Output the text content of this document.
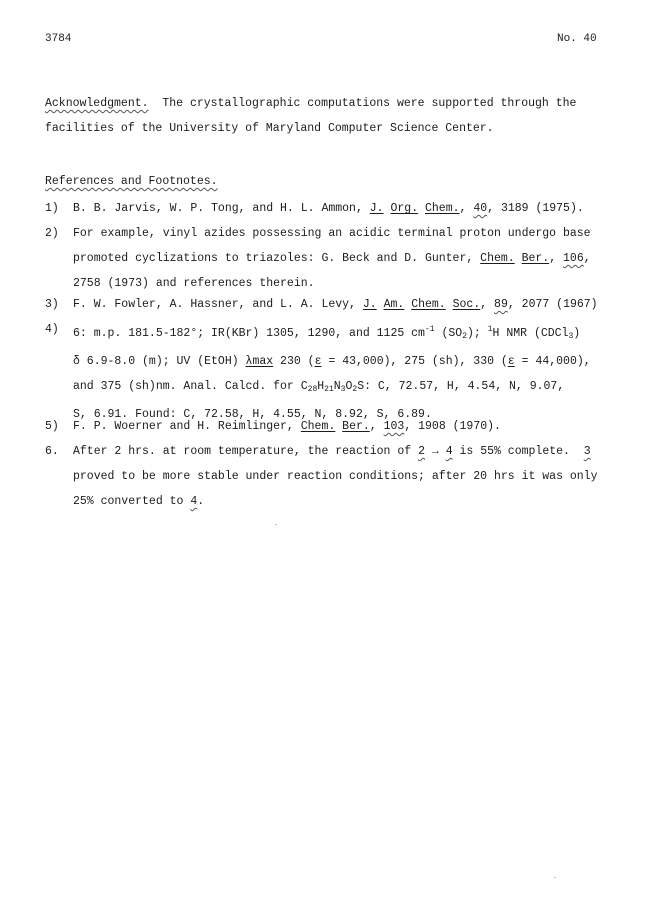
3784	No. 40
Acknowledgment. The crystallographic computations were supported through the
facilities of the University of Maryland Computer Science Center.
References and Footnotes.
1) B. B. Jarvis, W. P. Tong, and H. L. Ammon, J. Org. Chem., 40, 3189 (1975).
2) For example, vinyl azides possessing an acidic terminal proton undergo base
promoted cyclizations to triazoles: G. Beck and D. Gunter, Chem. Ber., 106,
2758 (1973) and references therein.
3) F. W. Fowler, A. Hassner, and L. A. Levy, J. Am. Chem. Soc., 89, 2077 (1967)
4) 6: m.p. 181.5-182°; IR(KBr) 1305, 1290, and 1125 $cm^{-1}$ $(SO_2)$; $^1$H NMR (CDCl$_3$)
δ 6.9-8.0 (m); UV (EtOH) λmax 230 (ε = 43,000), 275 (sh), 330 (ε = 44,000),
and 375 (sh)nm. Anal. Calcd. for $C_{28}H_{21}N_3O_2S$: C, 72.57, H, 4.54, N, 9.07,
S, 6.91. Found: C, 72.58, H, 4.55, N, 8.92, S, 6.89.
5) F. P. Woerner and H. Reimlinger, Chem. Ber., 103, 1908 (1970).
6. After 2 hrs. at room temperature, the reaction of 2 → 4 is 55% complete. 3
proved to be more stable under reaction conditions; after 20 hrs it was only
25% converted to 4.
